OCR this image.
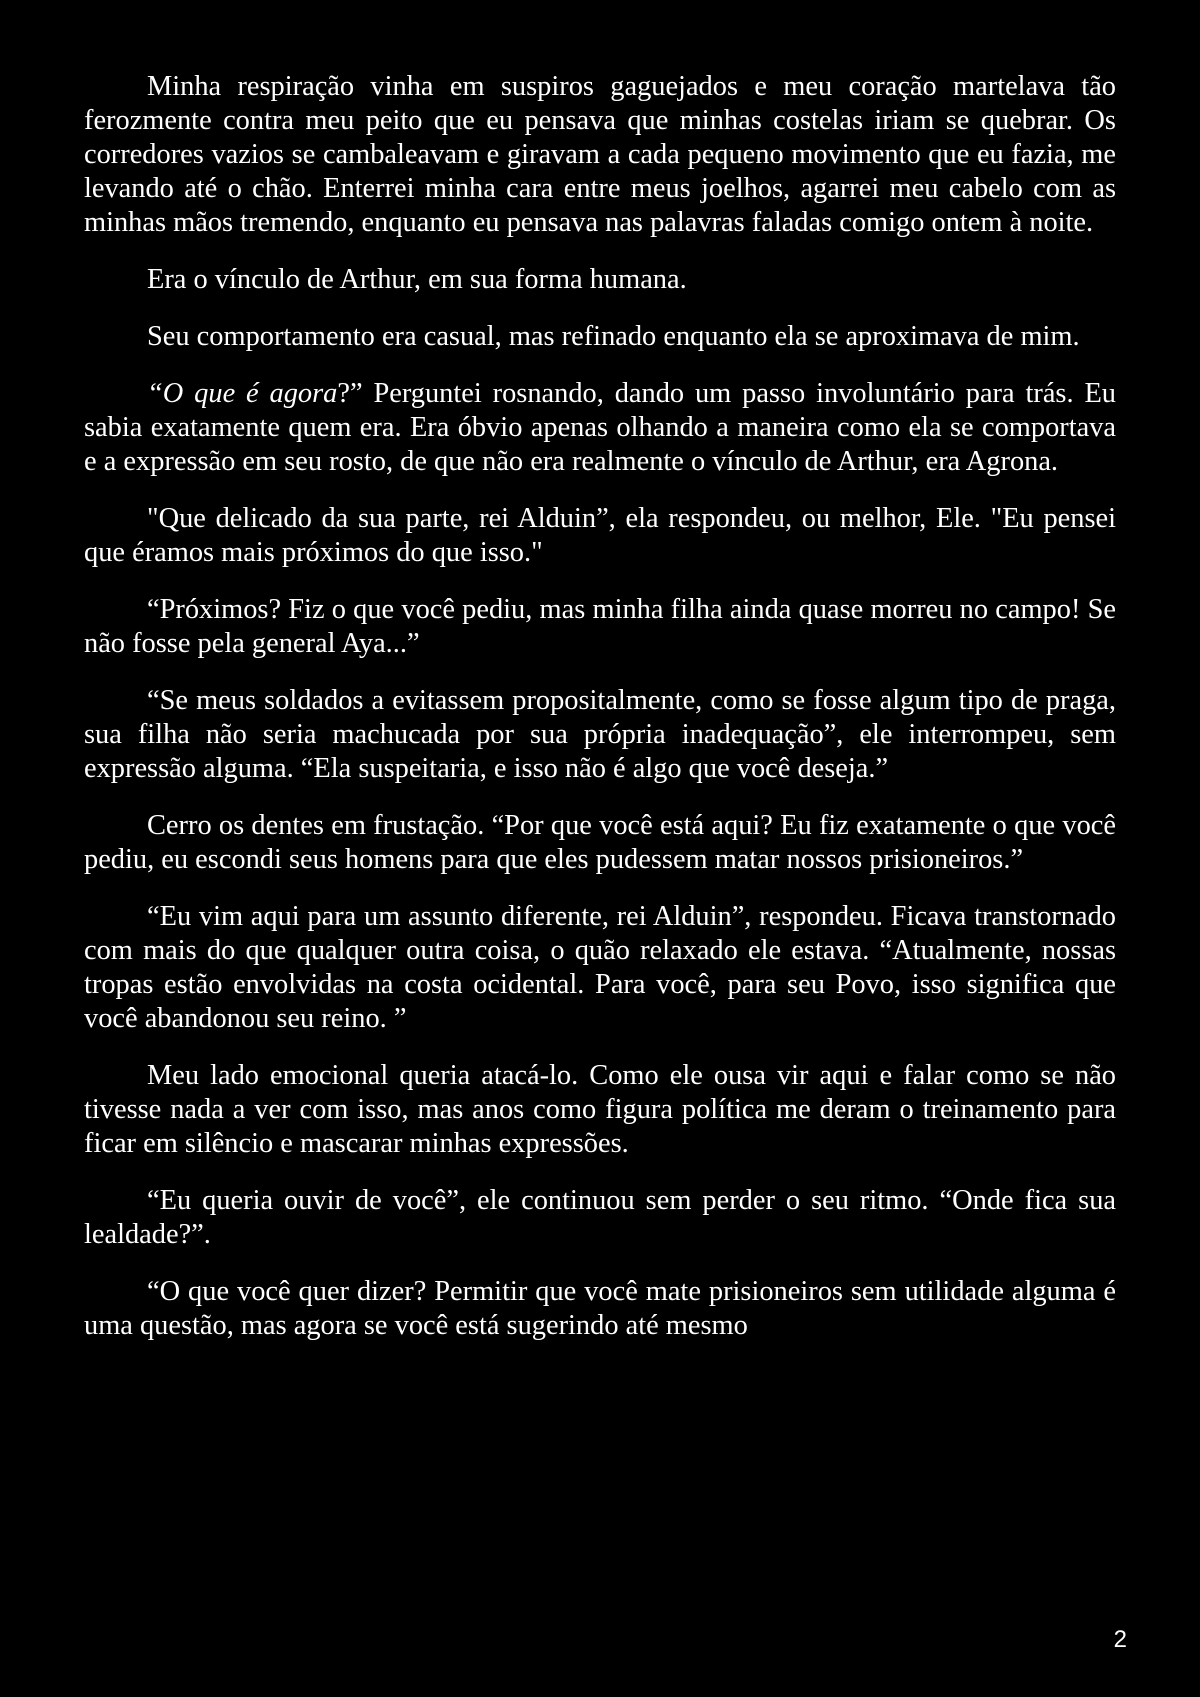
Minha respiração vinha em suspiros gaguejados e meu coração martelava tão ferozmente contra meu peito que eu pensava que minhas costelas iriam se quebrar. Os corredores vazios se cambaleavam e giravam a cada pequeno movimento que eu fazia, me levando até o chão. Enterrei minha cara entre meus joelhos, agarrei meu cabelo com as minhas mãos tremendo, enquanto eu pensava nas palavras faladas comigo ontem à noite.

Era o vínculo de Arthur, em sua forma humana.

Seu comportamento era casual, mas refinado enquanto ela se aproximava de mim.

“O que é agora?” Perguntei rosnando, dando um passo involuntário para trás. Eu sabia exatamente quem era. Era óbvio apenas olhando a maneira como ela se comportava e a expressão em seu rosto, de que não era realmente o vínculo de Arthur, era Agrona.

"Que delicado da sua parte, rei Alduin”, ela respondeu, ou melhor, Ele. "Eu pensei que éramos mais próximos do que isso."

“Próximos? Fiz o que você pediu, mas minha filha ainda quase morreu no campo! Se não fosse pela general Aya...”

“Se meus soldados a evitassem propositalmente, como se fosse algum tipo de praga, sua filha não seria machucada por sua própria inadequação”, ele interrompeu, sem expressão alguma. “Ela suspeitaria, e isso não é algo que você deseja.”

Cerro os dentes em frustação. “Por que você está aqui? Eu fiz exatamente o que você pediu, eu escondi seus homens para que eles pudessem matar nossos prisioneiros.”

“Eu vim aqui para um assunto diferente, rei Alduin”, respondeu. Ficava transtornado com mais do que qualquer outra coisa, o quão relaxado ele estava. “Atualmente, nossas tropas estão envolvidas na costa ocidental. Para você, para seu Povo, isso significa que você abandonou seu reino. ”

Meu lado emocional queria atacá-lo. Como ele ousa vir aqui e falar como se não tivesse nada a ver com isso, mas anos como figura política me deram o treinamento para ficar em silêncio e mascarar minhas expressões.

“Eu queria ouvir de você”, ele continuou sem perder o seu ritmo. “Onde fica sua lealdade?”.

“O que você quer dizer? Permitir que você mate prisioneiros sem utilidade alguma é uma questão, mas agora se você está sugerindo até mesmo

2
